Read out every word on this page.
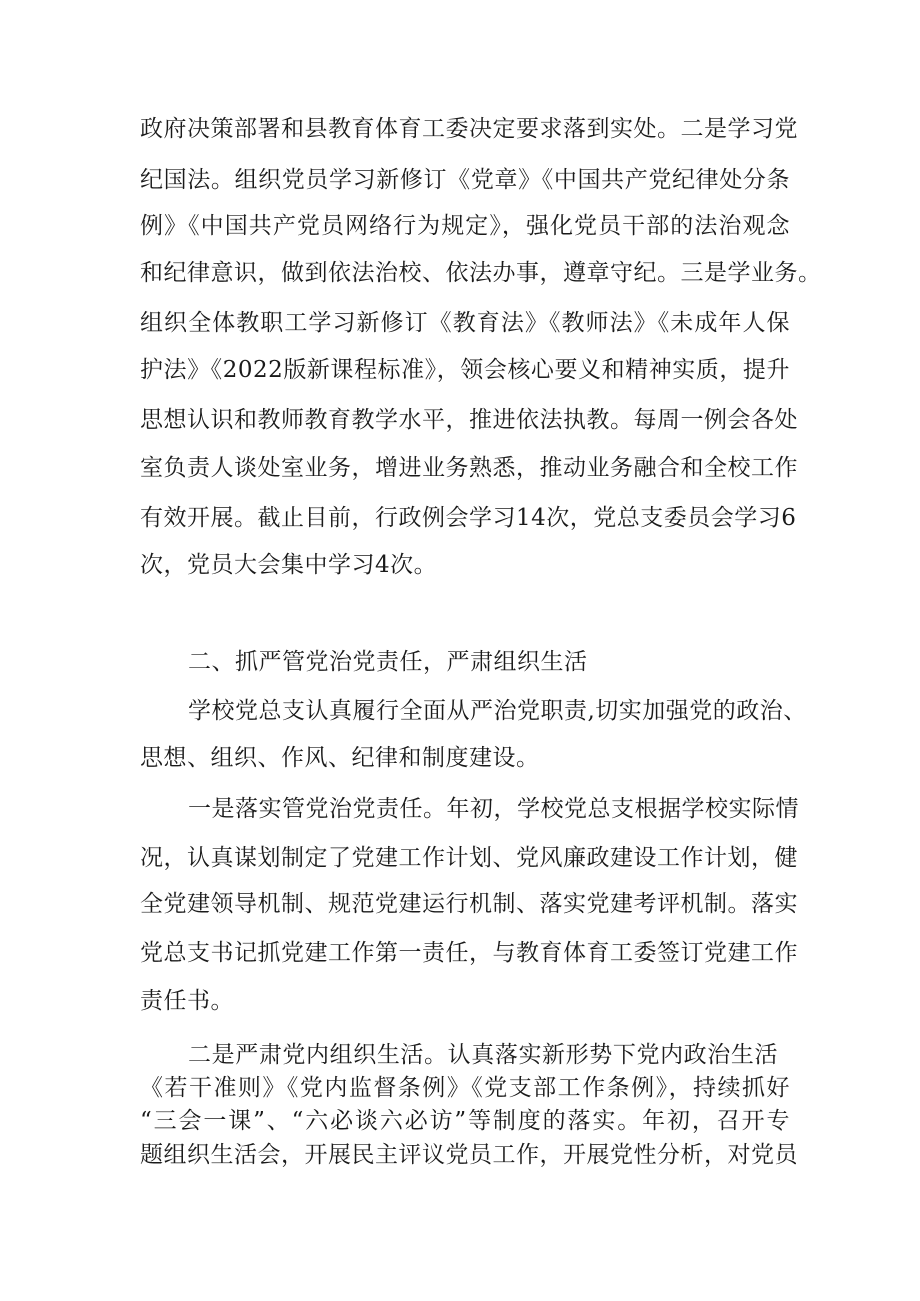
政府决策部署和县教育体育工委决定要求落到实处。二是学习党
纪国法。组织党员学习新修订《党章》《中国共产党纪律处分条
例》《中国共产党员网络行为规定》，强化党员干部的法治观念
和纪律意识，做到依法治校、依法办事，遵章守纪。三是学业务。
组织全体教职工学习新修订《教育法》《教师法》《未成年人保
护法》《2022版新课程标准》，领会核心要义和精神实质，提升
思想认识和教师教育教学水平，推进依法执教。每周一例会各处
室负责人谈处室业务，增进业务熟悉，推动业务融合和全校工作
有效开展。截止目前，行政例会学习14次，党总支委员会学习6
次，党员大会集中学习4次。
二、抓严管党治党责任，严肃组织生活
学校党总支认真履行全面从严治党职责,切实加强党的政治、
思想、组织、作风、纪律和制度建设。
一是落实管党治党责任。年初，学校党总支根据学校实际情
况，认真谋划制定了党建工作计划、党风廉政建设工作计划，健
全党建领导机制、规范党建运行机制、落实党建考评机制。落实
党总支书记抓党建工作第一责任，与教育体育工委签订党建工作
责任书。
二是严肃党内组织生活。认真落实新形势下党内政治生活
《若干准则》《党内监督条例》《党支部工作条例》，持续抓好
“三会一课”、“六必谈六必访”等制度的落实。年初，召开专
题组织生活会，开展民主评议党员工作，开展党性分析，对党员
